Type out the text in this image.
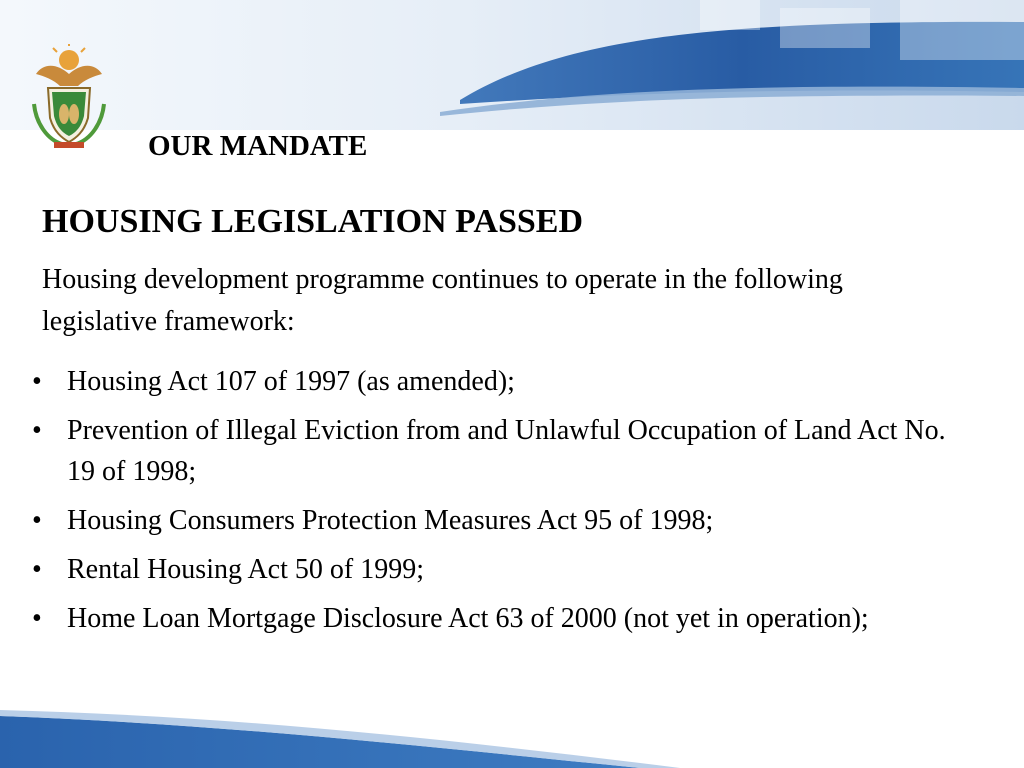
OUR MANDATE
HOUSING LEGISLATION PASSED
Housing development programme continues to operate in the following legislative framework:
• Housing Act 107 of 1997 (as amended);
• Prevention of Illegal Eviction from and Unlawful Occupation of Land Act No. 19 of 1998;
• Housing Consumers Protection Measures Act 95 of 1998;
• Rental Housing Act 50 of 1999;
• Home Loan Mortgage Disclosure Act 63 of 2000 (not yet in operation);
